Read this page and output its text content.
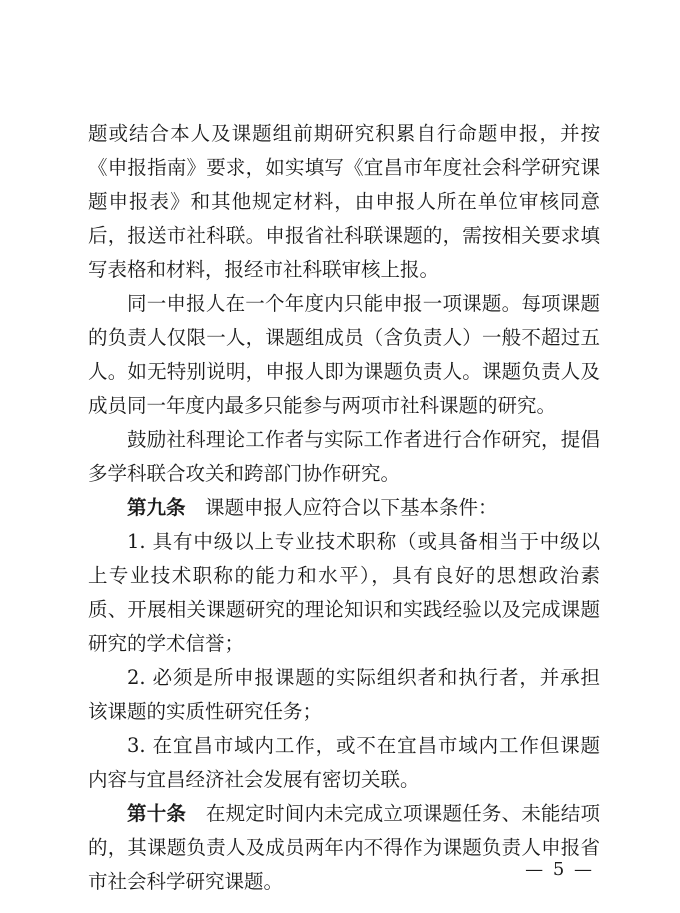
题或结合本人及课题组前期研究积累自行命题申报，并按《申报指南》要求，如实填写《宜昌市年度社会科学研究课题申报表》和其他规定材料，由申报人所在单位审核同意后，报送市社科联。申报省社科联课题的，需按相关要求填写表格和材料，报经市社科联审核上报。

同一申报人在一个年度内只能申报一项课题。每项课题的负责人仅限一人，课题组成员（含负责人）一般不超过五人。如无特别说明，申报人即为课题负责人。课题负责人及成员同一年度内最多只能参与两项市社科课题的研究。

鼓励社科理论工作者与实际工作者进行合作研究，提倡多学科联合攻关和跨部门协作研究。

第九条　课题申报人应符合以下基本条件：

1. 具有中级以上专业技术职称（或具备相当于中级以上专业技术职称的能力和水平），具有良好的思想政治素质、开展相关课题研究的理论知识和实践经验以及完成课题研究的学术信誉；

2. 必须是所申报课题的实际组织者和执行者，并承担该课题的实质性研究任务；

3. 在宜昌市域内工作，或不在宜昌市域内工作但课题内容与宜昌经济社会发展有密切关联。

第十条　在规定时间内未完成立项课题任务、未能结项的，其课题负责人及成员两年内不得作为课题负责人申报省市社会科学研究课题。

— 5 —
